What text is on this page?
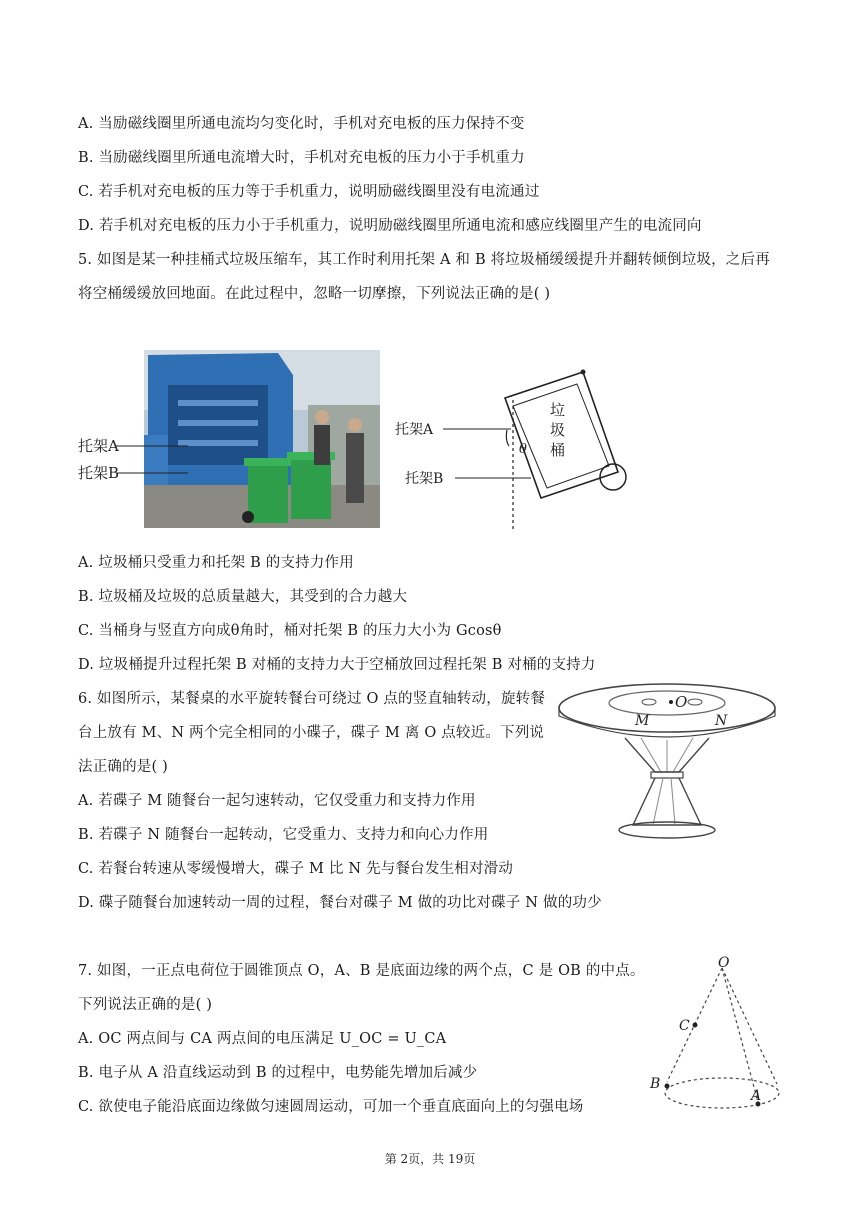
A. 当励磁线圈里所通电流均匀变化时，手机对充电板的压力保持不变
B. 当励磁线圈里所通电流增大时，手机对充电板的压力小于手机重力
C. 若手机对充电板的压力等于手机重力，说明励磁线圈里没有电流通过
D. 若手机对充电板的压力小于手机重力，说明励磁线圈里所通电流和感应线圈里产生的电流同向
5. 如图是某一种挂桶式垃圾压缩车，其工作时利用托架 A 和 B 将垃圾桶缓缓提升并翻转倾倒垃圾，之后再
将空桶缓缓放回地面。在此过程中，忽略一切摩擦，下列说法正确的是( )
托架A
托架B
托架A
托架B
θ
垃
圾
桶
A. 垃圾桶只受重力和托架 B 的支持力作用
B. 垃圾桶及垃圾的总质量越大，其受到的合力越大
C. 当桶身与竖直方向成θ角时，桶对托架 B 的压力大小为 Gcosθ
D. 垃圾桶提升过程托架 B 对桶的支持力大于空桶放回过程托架 B 对桶的支持力
6. 如图所示，某餐桌的水平旋转餐台可绕过 O 点的竖直轴转动，旋转餐
台上放有 M、N 两个完全相同的小碟子，碟子 M 离 O 点较近。下列说
法正确的是( )
O
M	N
A. 若碟子 M 随餐台一起匀速转动，它仅受重力和支持力作用
B. 若碟子 N 随餐台一起转动，它受重力、支持力和向心力作用
C. 若餐台转速从零缓慢增大，碟子 M 比 N 先与餐台发生相对滑动
D. 碟子随餐台加速转动一周的过程，餐台对碟子 M 做的功比对碟子 N 做的功少
7. 如图，一正点电荷位于圆锥顶点 O，A、B 是底面边缘的两个点，C 是 OB 的中点。
下列说法正确的是( )
O
C
B
A
A. OC 两点间与 CA 两点间的电压满足 U_OC = U_CA
B. 电子从 A 沿直线运动到 B 的过程中，电势能先增加后减少
C. 欲使电子能沿底面边缘做匀速圆周运动，可加一个垂直底面向上的匀强电场
第 2页，共 19页
